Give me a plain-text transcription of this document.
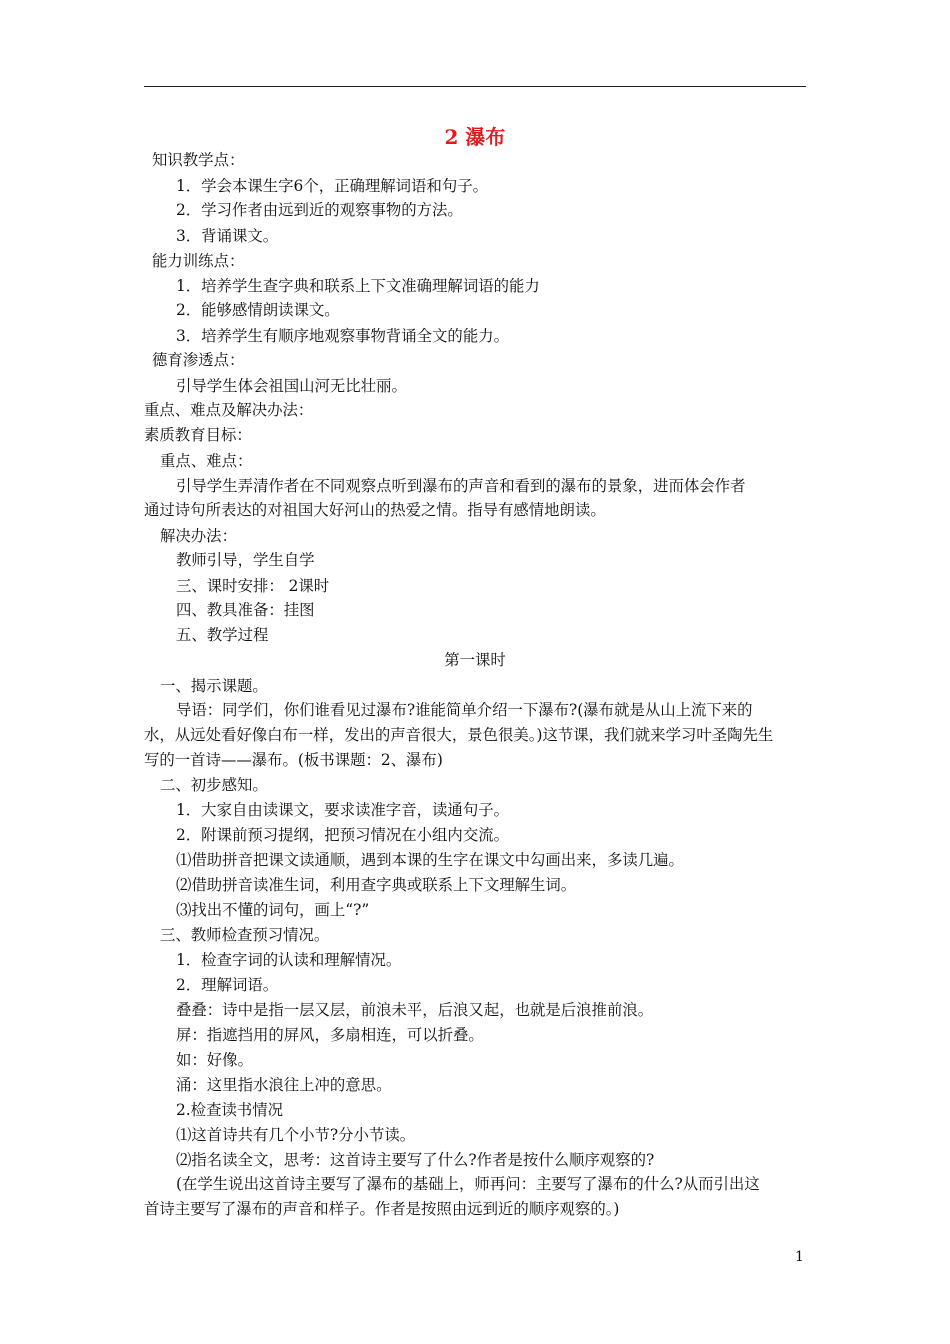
2 瀑布
知识教学点：
1．学会本课生字6个，正确理解词语和句子。
2．学习作者由远到近的观察事物的方法。
3．背诵课文。
能力训练点：
1．培养学生查字典和联系上下文准确理解词语的能力
2．能够感情朗读课文。
3．培养学生有顺序地观察事物背诵全文的能力。
德育渗透点：
引导学生体会祖国山河无比壮丽。
重点、难点及解决办法：
素质教育目标：
重点、难点：
引导学生弄清作者在不同观察点听到瀑布的声音和看到的瀑布的景象，进而体会作者
通过诗句所表达的对祖国大好河山的热爱之情。指导有感情地朗读。
解决办法：
教师引导，学生自学
三、课时安排： 2课时
四、教具准备：挂图
五、教学过程
第一课时
一、揭示课题。
导语：同学们，你们谁看见过瀑布?谁能简单介绍一下瀑布?(瀑布就是从山上流下来的
水，从远处看好像白布一样，发出的声音很大，景色很美。)这节课，我们就来学习叶圣陶先生
写的一首诗——瀑布。(板书课题：2、瀑布)
二、初步感知。
1．大家自由读课文，要求读准字音，读通句子。
2．附课前预习提纲，把预习情况在小组内交流。
⑴借助拼音把课文读通顺，遇到本课的生字在课文中勾画出来，多读几遍。
⑵借助拼音读准生词，利用查字典或联系上下文理解生词。
⑶找出不懂的词句，画上“?”
三、教师检查预习情况。
1．检查字词的认读和理解情况。
2．理解词语。
叠叠：诗中是指一层又层，前浪未平，后浪又起，也就是后浪推前浪。
屏：指遮挡用的屏风，多扇相连，可以折叠。
如：好像。
涌：这里指水浪往上冲的意思。
2.检查读书情况
⑴这首诗共有几个小节?分小节读。
⑵指名读全文，思考：这首诗主要写了什么?作者是按什么顺序观察的?
(在学生说出这首诗主要写了瀑布的基础上，师再问：主要写了瀑布的什么?从而引出这
首诗主要写了瀑布的声音和样子。作者是按照由远到近的顺序观察的。)
1
